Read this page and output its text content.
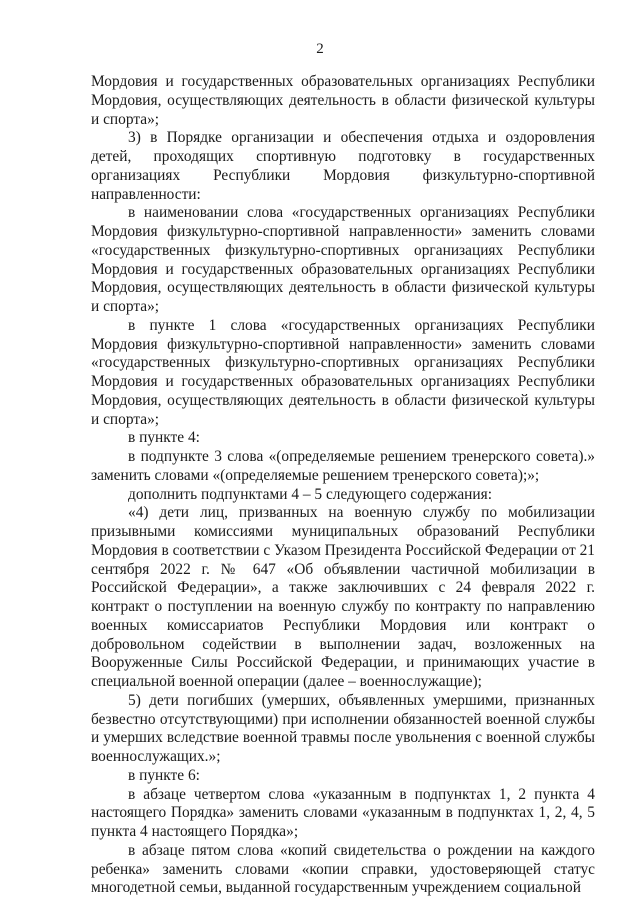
2

Мордовия и государственных образовательных организациях Республики Мордовия, осуществляющих деятельность в области физической культуры и спорта»;

3) в Порядке организации и обеспечения отдыха и оздоровления детей, проходящих спортивную подготовку в государственных организациях Республики Мордовия физкультурно-спортивной направленности:

в наименовании слова «государственных организациях Республики Мордовия физкультурно-спортивной направленности» заменить словами «государственных физкультурно-спортивных организациях Республики Мордовия и государственных образовательных организациях Республики Мордовия, осуществляющих деятельность в области физической культуры и спорта»;

в пункте 1 слова «государственных организациях Республики Мордовия физкультурно-спортивной направленности» заменить словами «государственных физкультурно-спортивных организациях Республики Мордовия и государственных образовательных организациях Республики Мордовия, осуществляющих деятельность в области физической культуры и спорта»;

в пункте 4:

в подпункте 3 слова «(определяемые решением тренерского совета).» заменить словами «(определяемые решением тренерского совета);»;

дополнить подпунктами 4 – 5 следующего содержания:

«4) дети лиц, призванных на военную службу по мобилизации призывными комиссиями муниципальных образований Республики Мордовия в соответствии с Указом Президента Российской Федерации от 21 сентября 2022 г. № 647 «Об объявлении частичной мобилизации в Российской Федерации», а также заключивших с 24 февраля 2022 г. контракт о поступлении на военную службу по контракту по направлению военных комиссариатов Республики Мордовия или контракт о добровольном содействии в выполнении задач, возложенных на Вооруженные Силы Российской Федерации, и принимающих участие в специальной военной операции (далее – военнослужащие);

5) дети погибших (умерших, объявленных умершими, признанных безвестно отсутствующими) при исполнении обязанностей военной службы и умерших вследствие военной травмы после увольнения с военной службы военнослужащих.»;

в пункте 6:

в абзаце четвертом слова «указанным в подпунктах 1, 2 пункта 4 настоящего Порядка» заменить словами «указанным в подпунктах 1, 2, 4, 5 пункта 4 настоящего Порядка»;

в абзаце пятом слова «копий свидетельства о рождении на каждого ребенка» заменить словами «копии справки, удостоверяющей статус многодетной семьи, выданной государственным учреждением социальной
